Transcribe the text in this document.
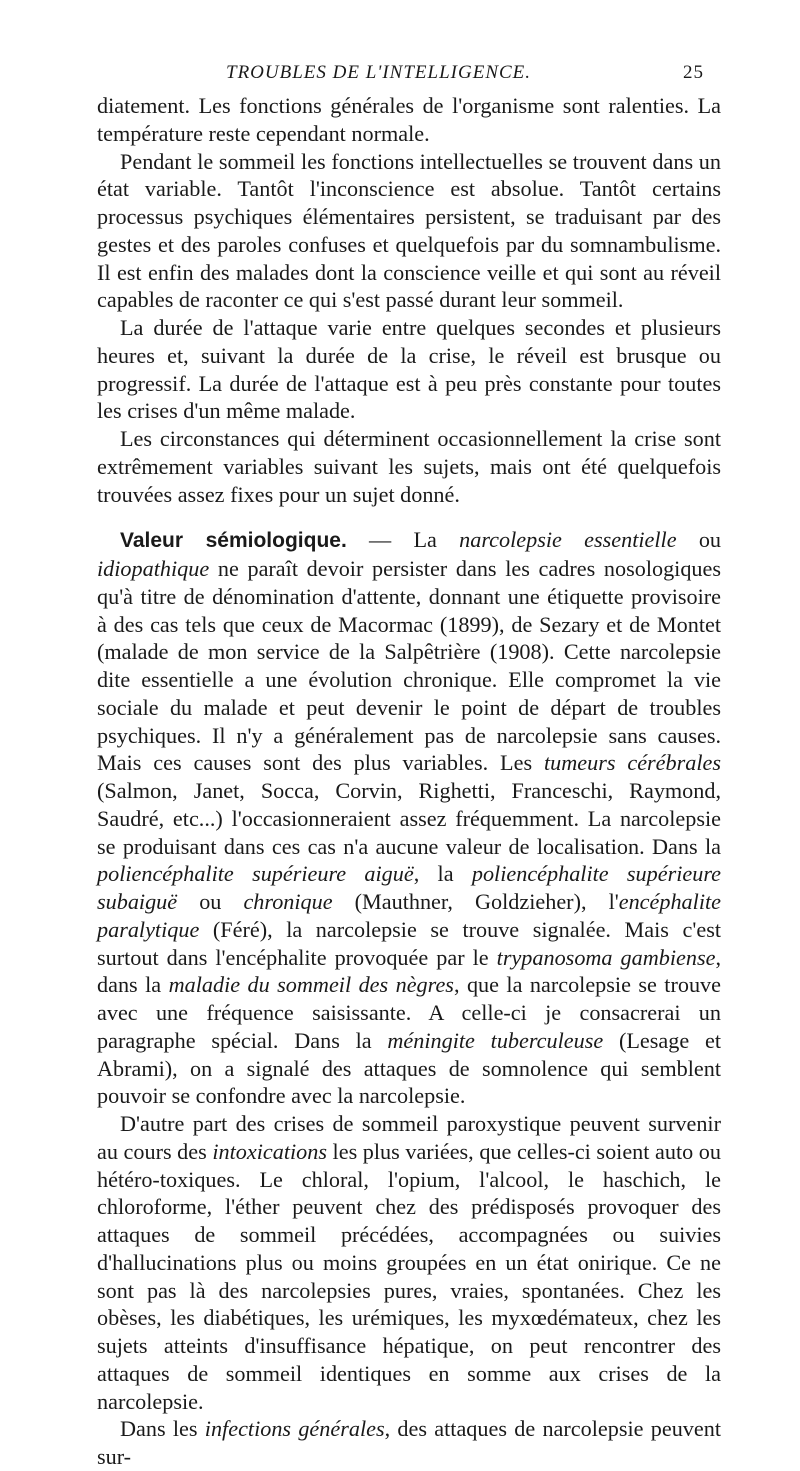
TROUBLES DE L'INTELLIGENCE.	25

diatement. Les fonctions générales de l'organisme sont ralenties. La température reste cependant normale.

Pendant le sommeil les fonctions intellectuelles se trouvent dans un état variable. Tantôt l'inconscience est absolue. Tantôt certains processus psychiques élémentaires persistent, se traduisant par des gestes et des paroles confuses et quelquefois par du somnambulisme. Il est enfin des malades dont la conscience veille et qui sont au réveil capables de raconter ce qui s'est passé durant leur sommeil.

La durée de l'attaque varie entre quelques secondes et plusieurs heures et, suivant la durée de la crise, le réveil est brusque ou progressif. La durée de l'attaque est à peu près constante pour toutes les crises d'un même malade.

Les circonstances qui déterminent occasionnellement la crise sont extrêmement variables suivant les sujets, mais ont été quelquefois trouvées assez fixes pour un sujet donné.

Valeur sémiologique. — La narcolepsie essentielle ou idiopathique ne paraît devoir persister dans les cadres nosologiques qu'à titre de dénomination d'attente, donnant une étiquette provisoire à des cas tels que ceux de Macormac (1899), de Sezary et de Montet (malade de mon service de la Salpêtrière (1908). Cette narcolepsie dite essentielle a une évolution chronique. Elle compromet la vie sociale du malade et peut devenir le point de départ de troubles psychiques. Il n'y a généralement pas de narcolepsie sans causes. Mais ces causes sont des plus variables. Les tumeurs cérébrales (Salmon, Janet, Socca, Corvin, Righetti, Franceschi, Raymond, Saudré, etc...) l'occasionneraient assez fréquemment. La narcolepsie se produisant dans ces cas n'a aucune valeur de localisation. Dans la poliencéphalite supérieure aiguë, la poliencéphalite supérieure subaiguë ou chronique (Mauthner, Goldzieher), l'encéphalite paralytique (Féré), la narcolepsie se trouve signalée. Mais c'est surtout dans l'encéphalite provoquée par le trypanosoma gambiense, dans la maladie du sommeil des nègres, que la narcolepsie se trouve avec une fréquence saisissante. A celle-ci je consacrerai un paragraphe spécial. Dans la méningite tuberculeuse (Lesage et Abrami), on a signalé des attaques de somnolence qui semblent pouvoir se confondre avec la narcolepsie.

D'autre part des crises de sommeil paroxystique peuvent survenir au cours des intoxications les plus variées, que celles-ci soient auto ou hétéro-toxiques. Le chloral, l'opium, l'alcool, le haschich, le chloroforme, l'éther peuvent chez des prédisposés provoquer des attaques de sommeil précédées, accompagnées ou suivies d'hallucinations plus ou moins groupées en un état onirique. Ce ne sont pas là des narcolepsies pures, vraies, spontanées. Chez les obèses, les diabétiques, les urémiques, les myxœdémateux, chez les sujets atteints d'insuffisance hépatique, on peut rencontrer des attaques de sommeil identiques en somme aux crises de la narcolepsie.

Dans les infections générales, des attaques de narcolepsie peuvent sur-
